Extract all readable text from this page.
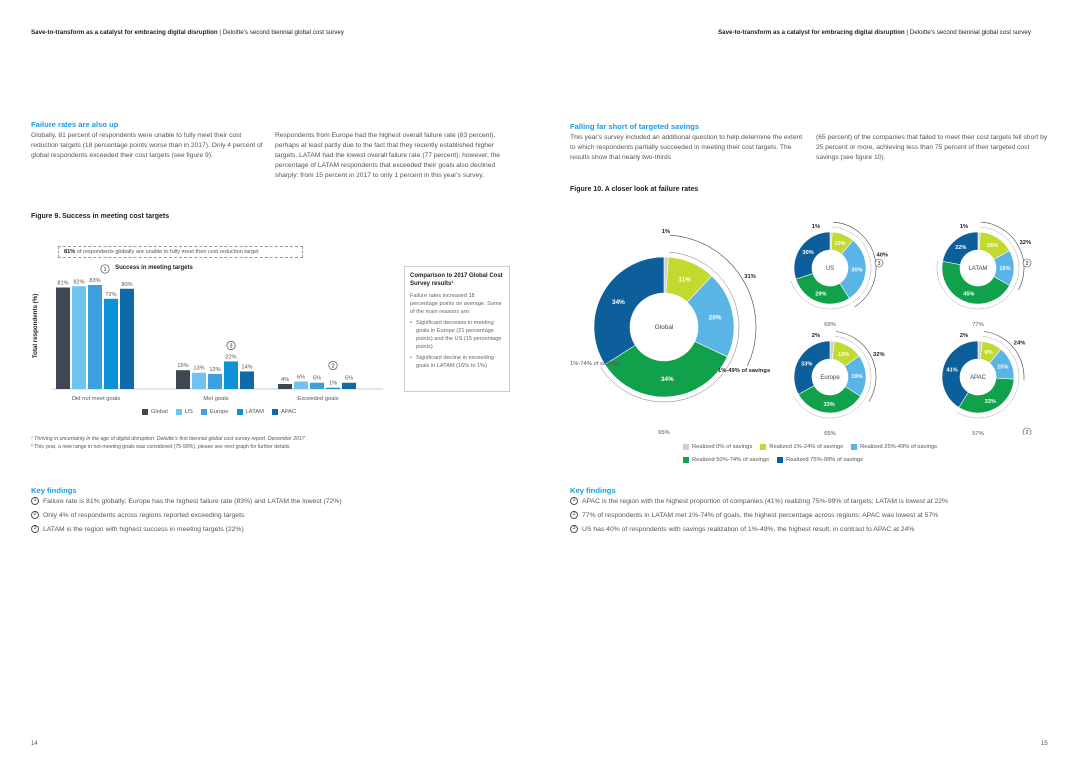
Save-to-transform as a catalyst for embracing digital disruption | Deloitte's second biennial global cost survey	Save-to-transform as a catalyst for embracing digital disruption | Deloitte's second biennial global cost survey
Failure rates are also up
Globally, 81 percent of respondents were unable to fully meet their cost reduction targets (18 percentage points worse than in 2017). Only 4 percent of global respondents exceeded their cost targets (see figure 9).
Respondents from Europe had the highest overall failure rate (83 percent), perhaps at least partly due to the fact that they recently established higher targets. LATAM had the lowest overall failure rate (77 percent); however, the percentage of LATAM respondents that exceeded their goals also declined sharply: from 15 percent in 2017 to only 1 percent in this year's survey.
Figure 9. Success in meeting cost targets
81% of respondents globally are unable to fully meet their cost reduction target
Success in meeting targets
Total respondents (%)
81% 82% 83%
72%
80%
Did not meet goals
15% 13% 12%
22%
14%
Met goals
4% 6% 5%
1%
5%
Exceeded goals
1
3
2
Comparison to 2017 Global Cost Survey results¹
Failure rates increased 18 percentage points on average. Some of the main reasons are:
• Significant decrease in meeting goals in Europe (21 percentage points) and the US (15 percentage points)
• Significant decline in exceeding goals in LATAM (16% to 1%)
Global	US	Europe	LATAM	APAC
¹ Thriving in uncertainty in the age of digital disruption: Deloitte's first biennial global cost survey report, December 2017
² This year, a new range in not-meeting goals was considered (75-99%), please see next graph for further details.
Key findings
1 Failure rate is 81% globally; Europe has the highest failure rate (83%) and LATAM the lowest (72%)
2 Only 4% of respondents across regions reported exceeding targets
3 LATAM is the region with highest success in meeting targets (22%)
14
Falling far short of targeted savings
This year's survey included an additional question to help determine the extent to which respondents partially succeeded in meeting their cost targets. The results show that nearly two-thirds
(65 percent) of the companies that failed to meet their cost targets fell short by 25 percent or more, achieving less than 75 percent of their targeted cost savings (see figure 10).
Figure 10. A closer look at failure rates
11%
20%
34%
34%
Global
1%
31%
65%
10%
30%
29%
30%
US
1%
40%
69%
3
16%
16%
45%
22%
LATAM
1%
32%
77%
2
13%
19%
33%
33%
Europe
2%
32%
65%
9%
15%
33%
41%
APAC
2%
24%
57%	2
1%-74% of savings
1%-49% of savings
Realized 0% of savings	Realized 1%-24% of savings	Realized 25%-49% of savings
Realized 50%-74% of savings	Realized 75%-99% of savings
Key findings
1 APAC is the region with the highest proportion of companies (41%) realizing 75%-99% of targets; LATAM is lowest at 22%
2 77% of respondents in LATAM met 1%-74% of goals, the highest percentage across regions; APAC was lowest at 57%
3 US has 40% of respondents with savings realization of 1%-49%, the highest result, in contrast to APAC at 24%
15
